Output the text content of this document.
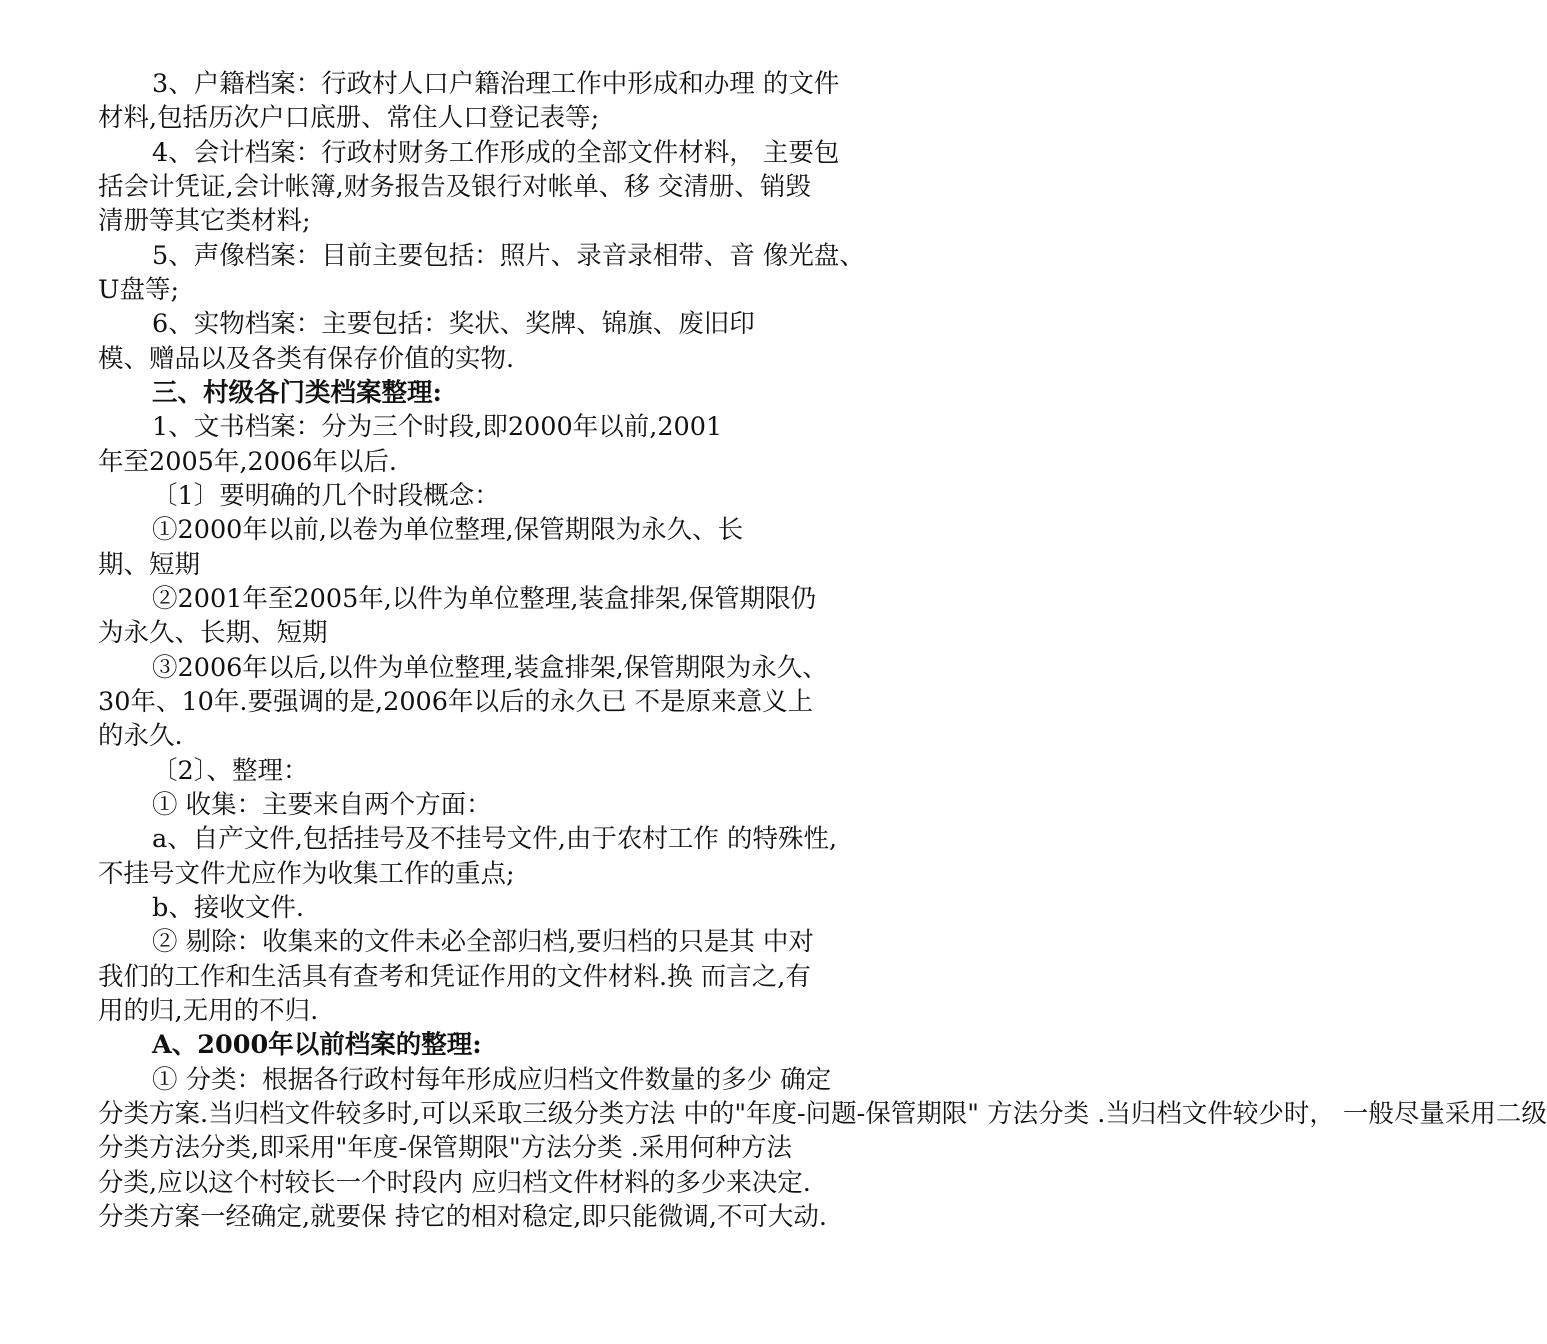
3、户籍档案：行政村人口户籍治理工作中形成和办理 的文件
材料,包括历次户口底册、常住人口登记表等;
4、会计档案：行政村财务工作形成的全部文件材料， 主要包
括会计凭证,会计帐簿,财务报告及银行对帐单、移 交清册、销毁
清册等其它类材料;
5、声像档案：目前主要包括：照片、录音录相带、音 像光盘、
U盘等;
6、实物档案：主要包括：奖状、奖牌、锦旗、废旧印
模、赠品以及各类有保存价值的实物.
三、村级各门类档案整理:
1、文书档案：分为三个时段,即2000年以前,2001
年至2005年,2006年以后.
〔1〕要明确的几个时段概念：
①2000年以前,以卷为单位整理,保管期限为永久、长
期、短期
②2001年至2005年,以件为单位整理,装盒排架,保管期限仍
为永久、长期、短期
③2006年以后,以件为单位整理,装盒排架,保管期限为永久、
30年、10年.要强调的是,2006年以后的永久已 不是原来意义上
的永久.
〔2〕、整理：
① 收集：主要来自两个方面：
a、自产文件,包括挂号及不挂号文件,由于农村工作 的特殊性,
不挂号文件尤应作为收集工作的重点;
b、接收文件.
② 剔除：收集来的文件未必全部归档,要归档的只是其 中对
我们的工作和生活具有查考和凭证作用的文件材料.换 而言之,有
用的归,无用的不归.
A、2000年以前档案的整理:
① 分类：根据各行政村每年形成应归档文件数量的多少 确定
分类方案.当归档文件较多时,可以采取三级分类方法 中的"年度-问题-保管期限" 方法分类 .当归档文件较少时， 一般尽量采用二级
分类方法分类,即采用"年度-保管期限"方法分类 .采用何种方法
分类,应以这个村较长一个时段内 应归档文件材料的多少来决定.
分类方案一经确定,就要保 持它的相对稳定,即只能微调,不可大动.
